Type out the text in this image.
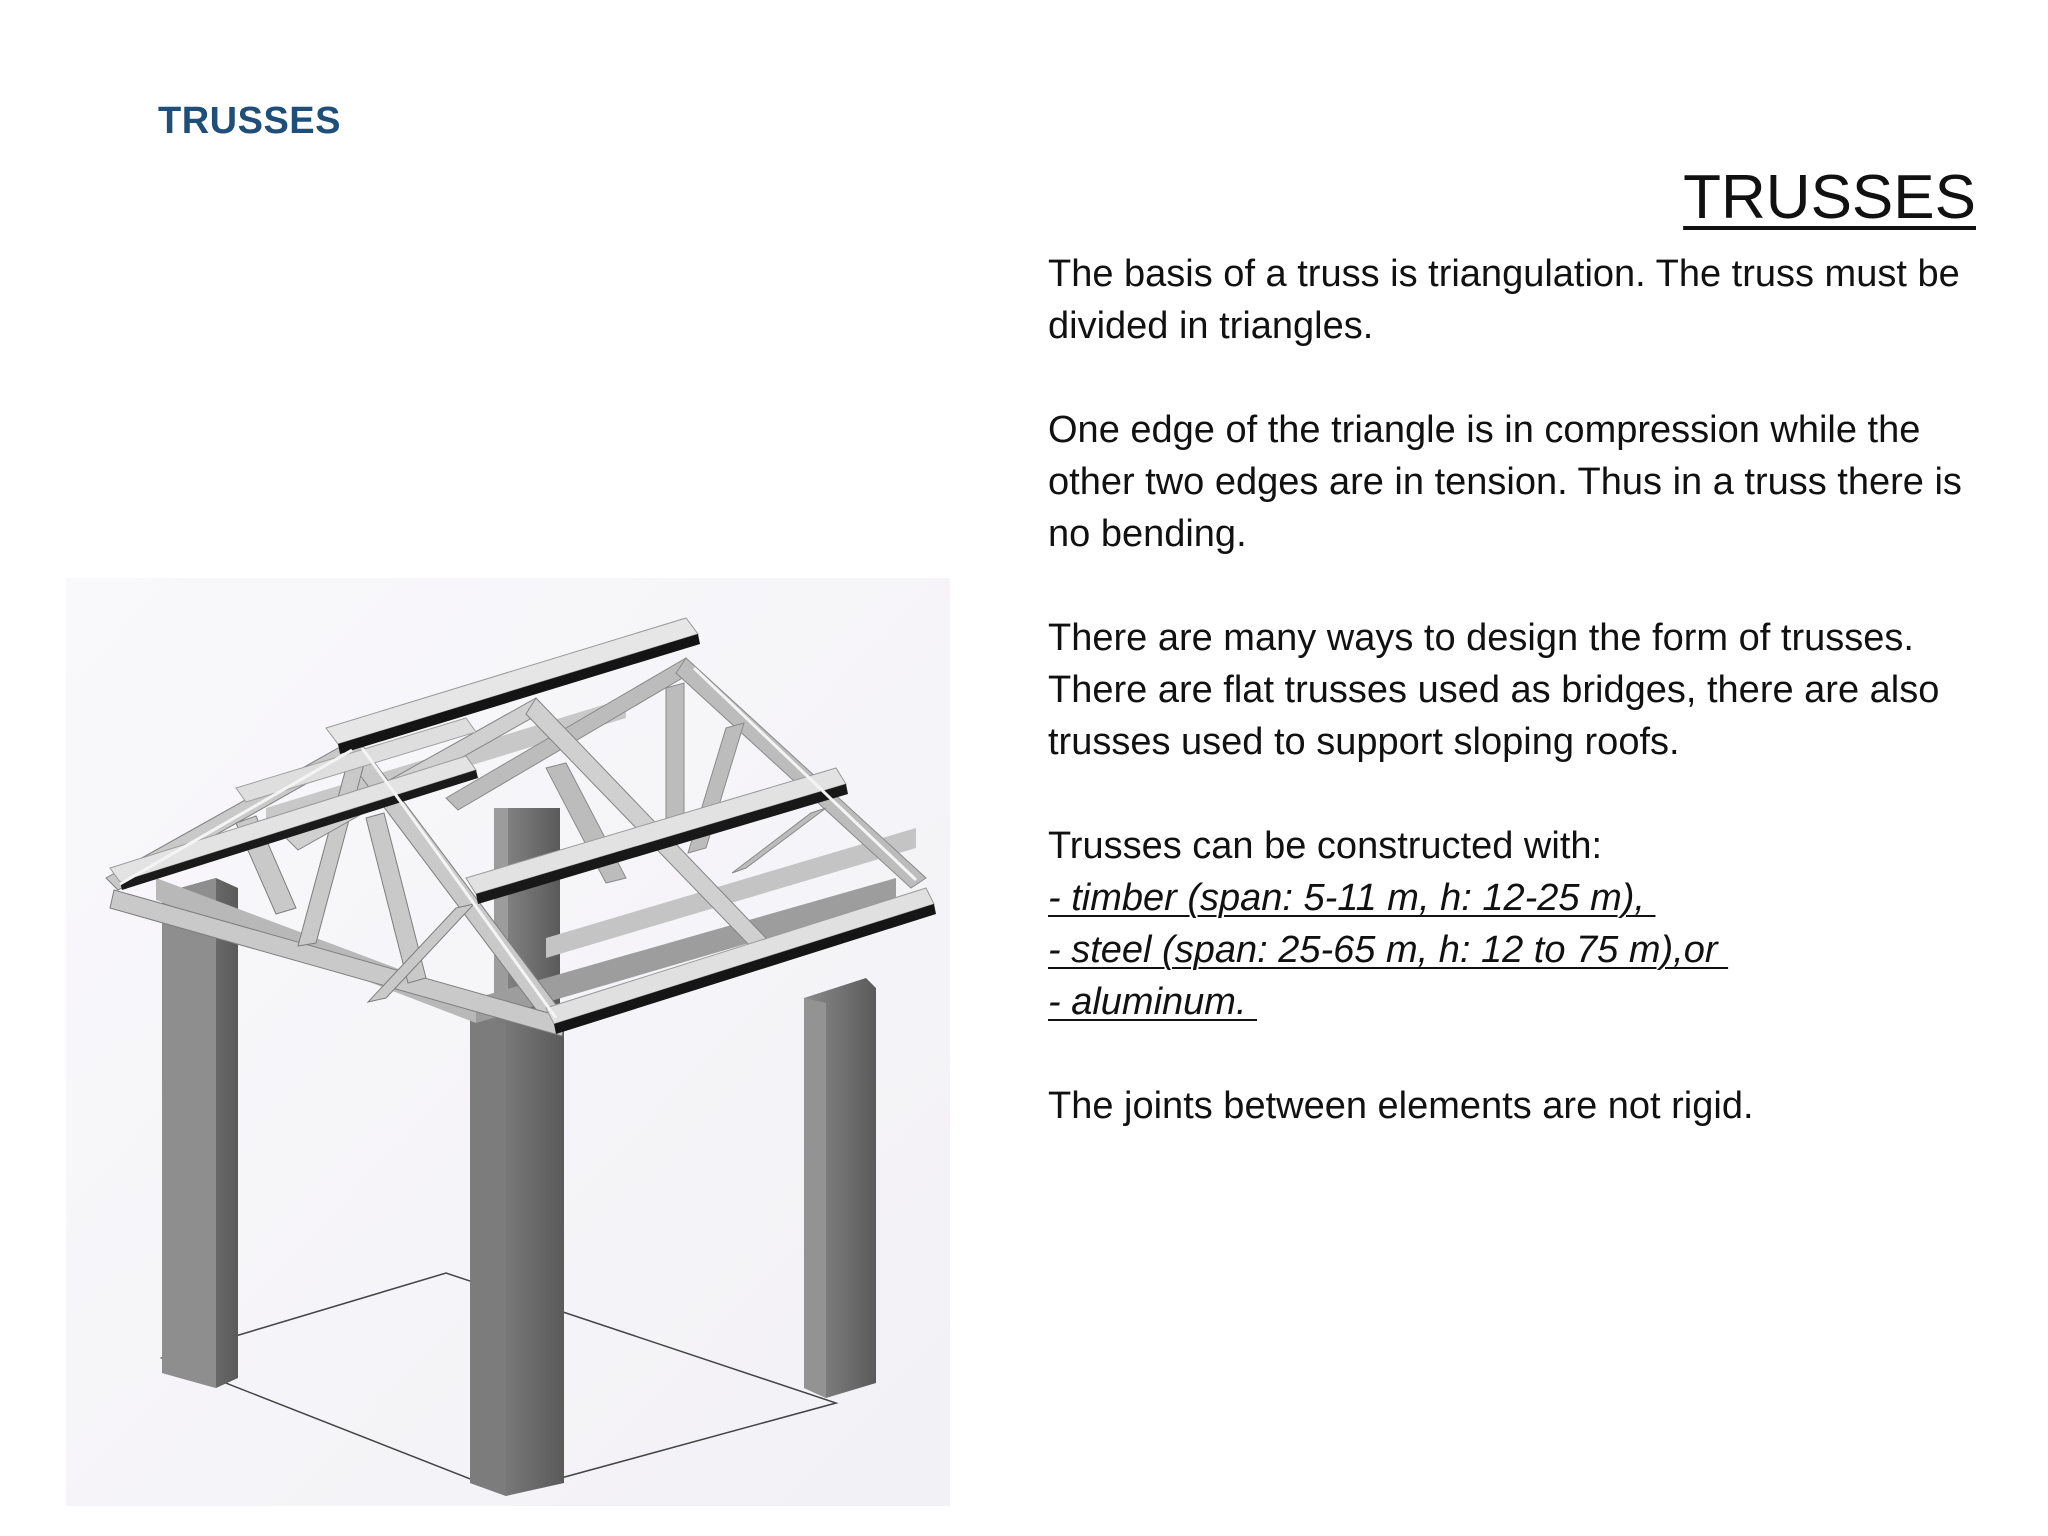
TRUSSES
TRUSSES

The basis of a truss is triangulation. The truss must be divided in triangles.

One edge of the triangle is in compression while the other two edges are in tension. Thus in a truss there is no bending.

There are many ways to design the form of trusses. There are flat trusses used as bridges, there are also trusses used to support sloping roofs.

Trusses can be constructed with:

- timber (span: 5-11 m, h: 12-25 m),
- steel (span: 25-65 m, h: 12 to 75 m),or
- aluminum.

The joints between elements are not rigid.
